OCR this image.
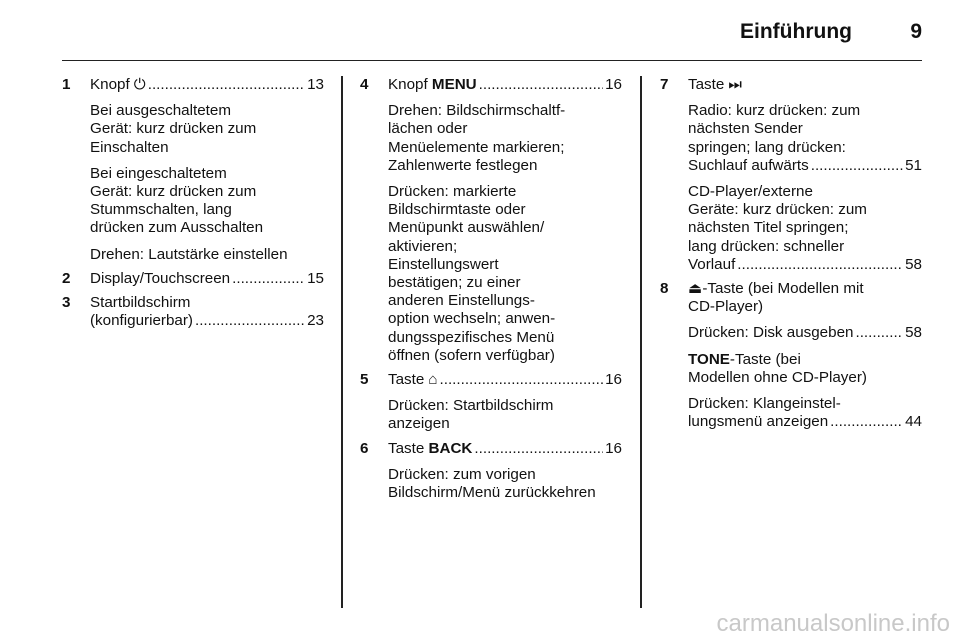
Einführung	9
1 Knopf ⏻ .....	13

Bei ausgeschaltetem
Gerät: kurz drücken zum
Einschalten

Bei eingeschaltetem
Gerät: kurz drücken zum
Stummschalten, lang
drücken zum Ausschalten

Drehen: Lautstärke einstellen

2 Display/Touchscreen .....	15
3 Startbildschirm
(konfigurierbar) .....	23
4 Knopf MENU .....	16

Drehen: Bildschirmschaltf-
lächen oder
Menüelemente markieren;
Zahlenwerte festlegen

Drücken: markierte
Bildschirmtaste oder
Menüpunkt auswählen/
aktivieren;
Einstellungswert
bestätigen; zu einer
anderen Einstellungs-
option wechseln; anwen-
dungsspezifisches Menü
öffnen (sofern verfügbar)

5 Taste ⌂ .....	16

Drücken: Startbildschirm
anzeigen

6 Taste BACK .....	16

Drücken: zum vorigen
Bildschirm/Menü zurückkehren

7 Taste ⏭

Radio: kurz drücken: zum
nächsten Sender
springen; lang drücken:

Suchlauf aufwärts .....	51

CD-Player/externe
Geräte: kurz drücken: zum
nächsten Titel springen;
lang drücken: schneller

Vorlauf .....	58
8 ⏏-Taste (bei Modellen mit
CD-Player)
Drücken: Disk ausgeben .....	58
TONE-Taste (bei
Modellen ohne CD-Player)

Drücken: Klangeinstel-

lungsmenü anzeigen .....	44
carmanualsonline.info
